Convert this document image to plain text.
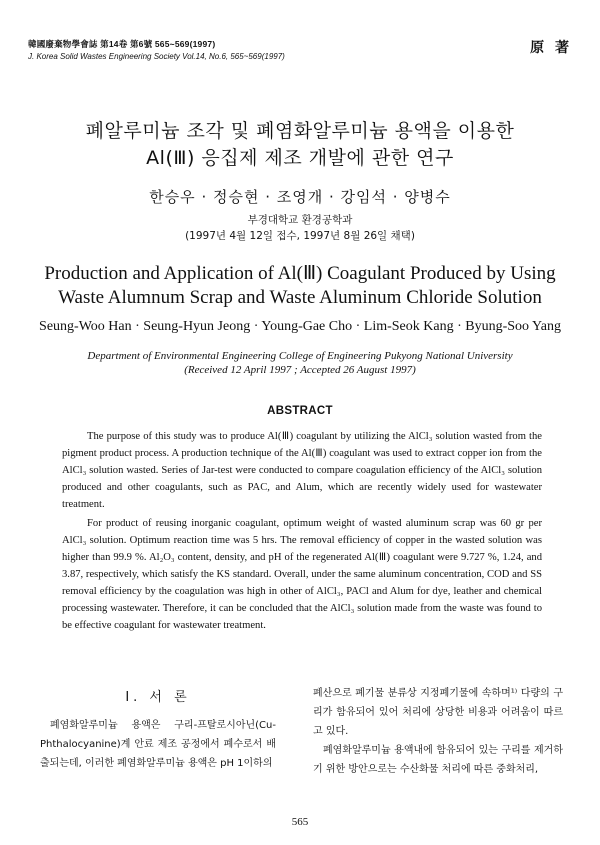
韓國廢棄物學會誌 第14卷 第6號 565~569(1997)
J. Korea Solid Wastes Engineering Society Vol.14, No.6, 565~569(1997)
原 著
폐알루미늄 조각 및 폐염화알루미늄 용액을 이용한
Al(Ⅲ) 응집제 제조 개발에 관한 연구
한승우 · 정승현 · 조영개 · 강임석 · 양병수
부경대학교 환경공학과
(1997년 4월 12일 접수, 1997년 8월 26일 채택)
Production and Application of Al(Ⅲ) Coagulant Produced by Using
Waste Alumnum Scrap and Waste Aluminum Chloride Solution
Seung-Woo Han · Seung-Hyun Jeong · Young-Gae Cho · Lim-Seok Kang · Byung-Soo Yang
Department of Environmental Engineering College of Engineering Pukyong National University
(Received 12 April 1997 ; Accepted 26 August 1997)
ABSTRACT

The purpose of this study was to produce Al(Ⅲ) coagulant by utilizing the AlCl₃ solution wasted from the pigment product process. A production technique of the Al(Ⅲ) coagulant was used to extract copper ion from the AlCl₃ solution wasted. Series of Jar-test were conducted to compare coagulation efficiency of the AlCl₃ solution produced and other coagulants, such as PAC, and Alum, which are recently widely used for wastewater treatment.

For product of reusing inorganic coagulant, optimum weight of wasted aluminum scrap was 60 gr per AlCl₃ solution. Optimum reaction time was 5 hrs. The removal efficiency of copper in the wasted solution was higher than 99.9 %. Al₂O₃ content, density, and pH of the regenerated Al(Ⅲ) coagulant were 9.727 %, 1.24, and 3.87, respectively, which satisfy the KS standard. Overall, under the same aluminum concentration, COD and SS removal efficiency by the coagulation was high in other of AlCl₃, PACl and Alum for dye, leather and chemical processing wastewater. Therefore, it can be concluded that the AlCl₃ solution made from the waste was found to be effective coagulant for wastewater treatment.

Ⅰ. 서 론

폐염화알루미늄 용액은 구리-프탈로시아닌(Cu-Phthalocyanine)계 안료 제조 공정에서 폐수로서 배출되는데, 이러한 폐염화알루미늄 용액은 pH 1이하의

폐산으로 폐기물 분류상 지정폐기물에 속하며¹⁾ 다량의 구리가 함유되어 있어 처리에 상당한 비용과 어려움이 따르고 있다.

폐염화알루미늄 용액내에 함유되어 있는 구리를 제거하기 위한 방안으로는 수산화물 처리에 따른 중화처리,

565
